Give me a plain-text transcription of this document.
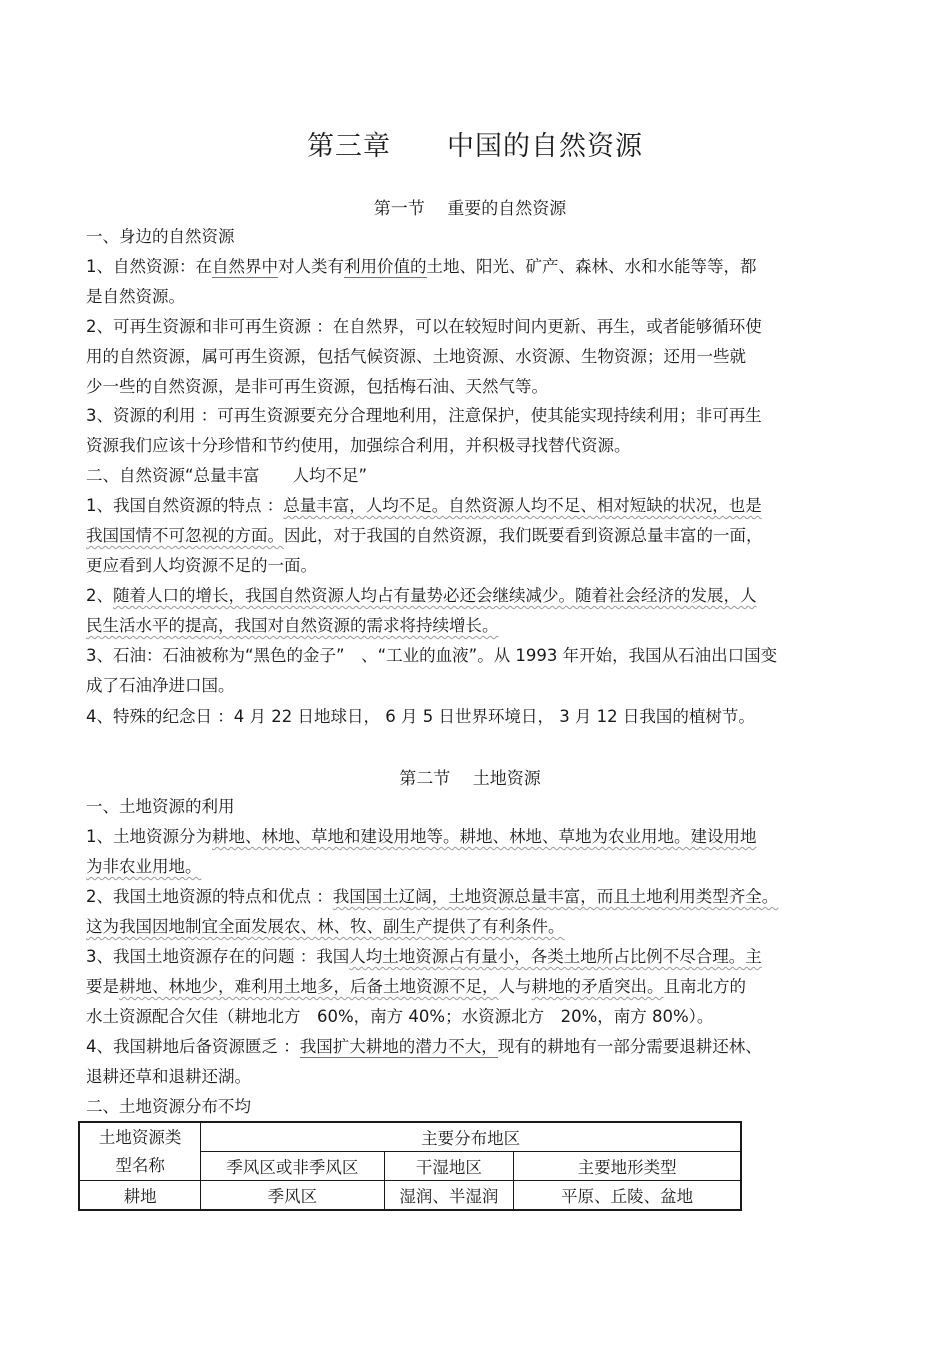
第三章　　中国的自然资源
第一节　 重要的自然资源
一、身边的自然资源
1、自然资源：在自然界中对人类有利用价值的土地、阳光、矿产、森林、水和水能等等，都
是自然资源。
2、可再生资源和非可再生资源 ：在自然界，可以在较短时间内更新、再生，或者能够循环使
用的自然资源，属可再生资源，包括气候资源、土地资源、水资源、生物资源；还用一些就
少一些的自然资源，是非可再生资源，包括梅石油、天然气等。
3、资源的利用 ：可再生资源要充分合理地利用，注意保护，使其能实现持续利用；非可再生
资源我们应该十分珍惜和节约使用，加强综合利用，并积极寻找替代资源。
二、自然资源“总量丰富　　人均不足”
1、我国自然资源的特点 ：总量丰富，人均不足。自然资源人均不足、相对短缺的状况，也是
我国国情不可忽视的方面。因此，对于我国的自然资源，我们既要看到资源总量丰富的一面，
更应看到人均资源不足的一面。
2、随着人口的增长，我国自然资源人均占有量势必还会继续减少。随着社会经济的发展，人
民生活水平的提高，我国对自然资源的需求将持续增长。
3、石油：石油被称为“黑色的金子”　、“工业的血液”。从 1993 年开始，我国从石油出口国变
成了石油净进口国。
4、特殊的纪念日 ：4 月 22 日地球日， 6 月 5 日世界环境日， 3 月 12 日我国的植树节。
第二节　 土地资源
一、土地资源的利用
1、土地资源分为耕地、林地、草地和建设用地等。耕地、林地、草地为农业用地。建设用地
为非农业用地。
2、我国土地资源的特点和优点 ：我国国土辽阔，土地资源总量丰富，而且土地利用类型齐全。
这为我国因地制宜全面发展农、林、牧、副生产提供了有利条件。
3、我国土地资源存在的问题 ：我国人均土地资源占有量小，各类土地所占比例不尽合理。主
要是耕地、林地少，难利用土地多，后备土地资源不足，人与耕地的矛盾突出。且南北方的
水土资源配合欠佳（耕地北方　60%，南方 40%；水资源北方　20%，南方 80%）。
4、我国耕地后备资源匮乏 ：我国扩大耕地的潜力不大，现有的耕地有一部分需要退耕还林、
退耕还草和退耕还湖。
二、土地资源分布不均
土地资源类
型名称	主要分布地区		
	季风区或非季风区	干湿地区	主要地形类型
耕地	季风区	湿润、半湿润	平原、丘陵、盆地
